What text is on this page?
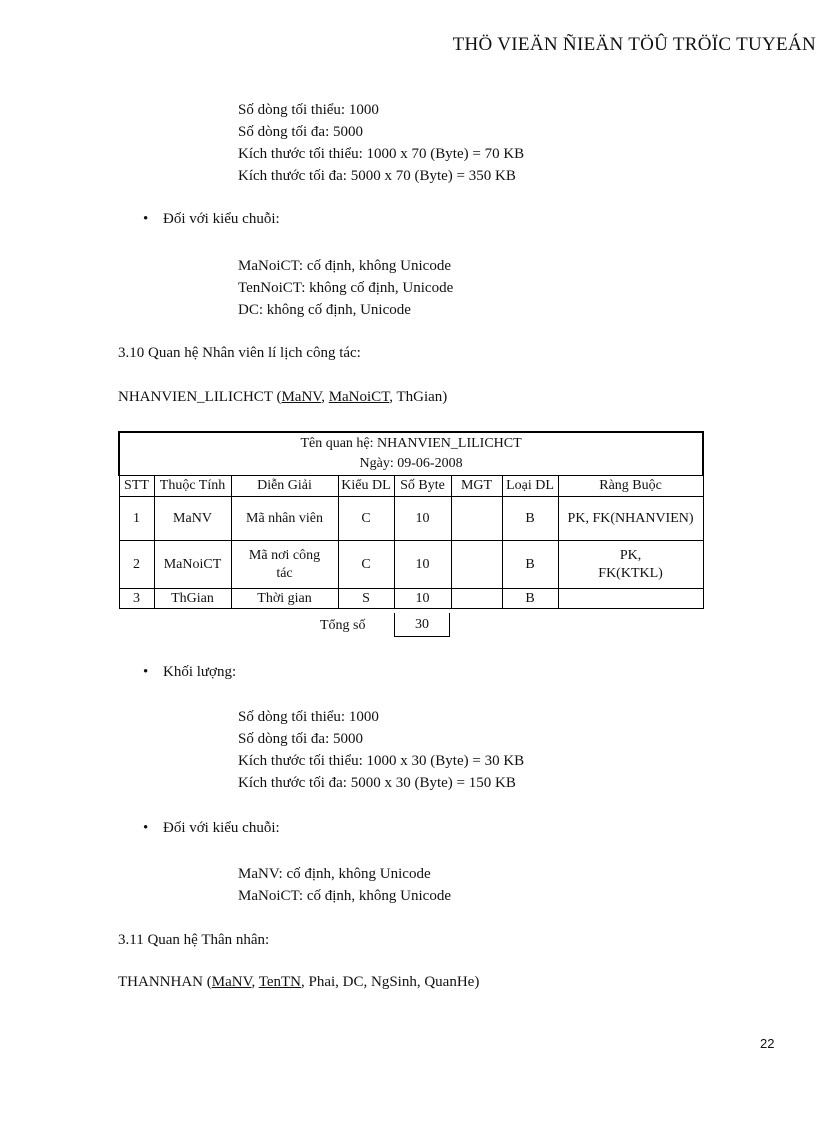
THÖ VIEÄN ÑIEÄN TÖÛ TRÖÏC TUYEÁN
Số dòng tối thiểu: 1000
Số dòng tối đa: 5000
Kích thước tối thiểu: 1000 x 70 (Byte) = 70 KB
Kích thước tối đa: 5000 x 70 (Byte) = 350 KB
• Đối với kiểu chuỗi:
MaNoiCT: cố định, không Unicode
TenNoiCT: không cố định, Unicode
DC: không cố định, Unicode
3.10 Quan hệ Nhân viên lí lịch công tác:
NHANVIEN_LILICHCT (MaNV, MaNoiCT, ThGian)
Tên quan hệ: NHANVIEN_LILICHCT
Ngày: 09-06-2008							

STT	Thuộc Tính	Diễn Giải	Kiểu DL	Số Byte	MGT	Loại DL	Ràng Buộc
1	MaNV	Mã nhân viên	C	10		B	PK, FK(NHANVIEN)
2	MaNoiCT	Mã nơi công tác	C	10		B	PK, FK(KTKL)
3	ThGian	Thời gian	S	10		B	
Tổng số	30
• Khối lượng:
Số dòng tối thiểu: 1000
Số dòng tối đa: 5000
Kích thước tối thiểu: 1000 x 30 (Byte) = 30 KB
Kích thước tối đa: 5000 x 30 (Byte) = 150 KB
• Đối với kiểu chuỗi:
MaNV: cố định, không Unicode
MaNoiCT: cố định, không Unicode
3.11 Quan hệ Thân nhân:
THANNHAN (MaNV, TenTN, Phai, DC, NgSinh, QuanHe)
22
